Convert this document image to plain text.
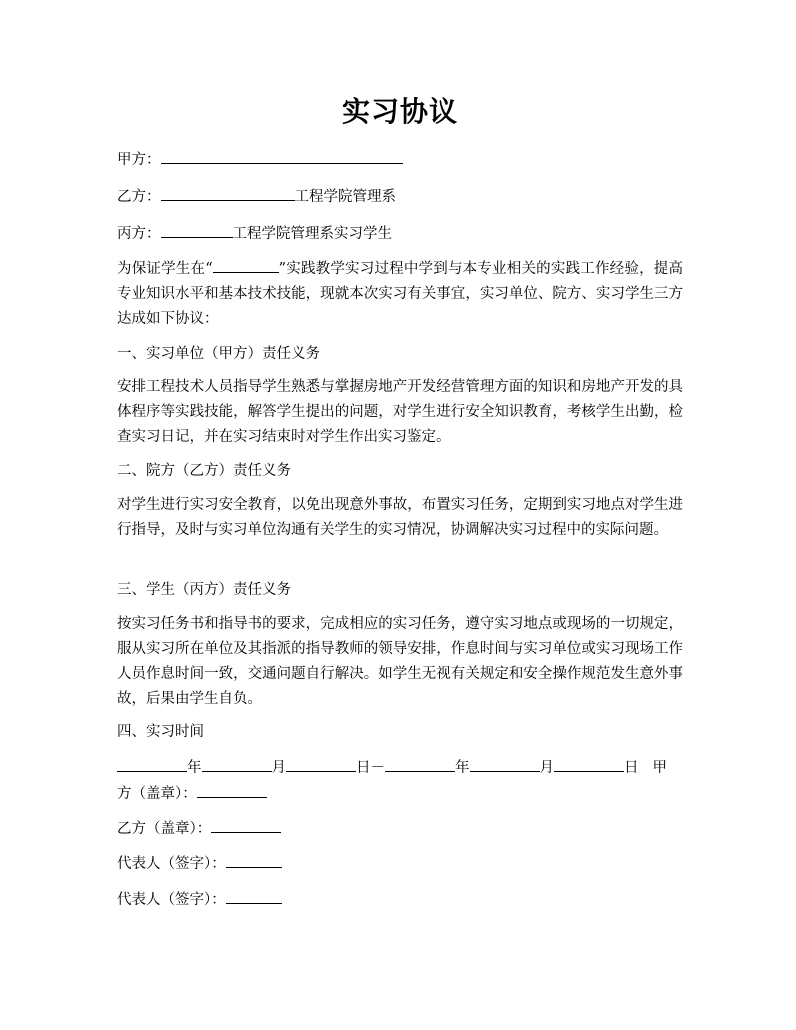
实习协议
甲方：
乙方：	工程学院管理系
丙方：	工程学院管理系实习学生
为保证学生在“	”实践教学实习过程中学到与本专业相关的实践工作经验，提高专业知识水平和基本技术技能，现就本次实习有关事宜，实习单位、院方、实习学生三方达成如下协议：
一、实习单位（甲方）责任义务
安排工程技术人员指导学生熟悉与掌握房地产开发经营管理方面的知识和房地产开发的具体程序等实践技能，解答学生提出的问题，对学生进行安全知识教育，考核学生出勤，检查实习日记，并在实习结束时对学生作出实习鉴定。
二、院方（乙方）责任义务
对学生进行实习安全教育，以免出现意外事故，布置实习任务，定期到实习地点对学生进行指导，及时与实习单位沟通有关学生的实习情况，协调解决实习过程中的实际问题。
三、学生（丙方）责任义务
按实习任务书和指导书的要求，完成相应的实习任务，遵守实习地点或现场的一切规定，服从实习所在单位及其指派的指导教师的领导安排，作息时间与实习单位或实习现场工作人员作息时间一致，交通问题自行解决。如学生无视有关规定和安全操作规范发生意外事故，后果由学生自负。
四、实习时间
年	月	日－	年	月	日 甲
方（盖章）：
乙方（盖章）：
代表人（签字）：
代表人（签字）：
